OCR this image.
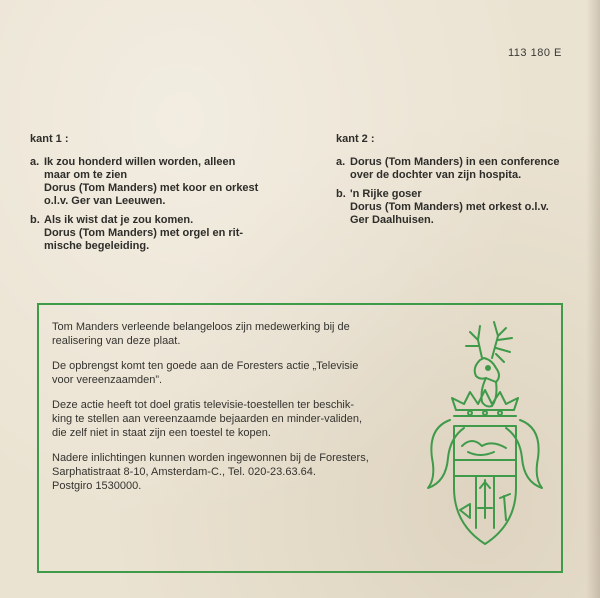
113 180 E
kant 1 :
a. Ik zou honderd willen worden, alleen
maar om te zien
Dorus (Tom Manders) met koor en orkest
o.l.v. Ger van Leeuwen.
b. Als ik wist dat je zou komen.
Dorus (Tom Manders) met orgel en rit-
mische begeleiding.
kant 2 :
a. Dorus (Tom Manders) in een conference
over de dochter van zijn hospita.
b. 'n Rijke goser
Dorus (Tom Manders) met orkest o.l.v.
Ger Daalhuisen.

Tom Manders verleende belangeloos zijn medewerking bij de
realisering van deze plaat.

De opbrengst komt ten goede aan de Foresters actie „Televisie
voor vereenzaamden”.

Deze actie heeft tot doel gratis televisie-toestellen ter beschik-
king te stellen aan vereenzaamde bejaarden en minder-validen,
die zelf niet in staat zijn een toestel te kopen.

Nadere inlichtingen kunnen worden ingewonnen bij de Foresters,
Sarphatistraat 8-10, Amsterdam-C., Tel. 020-23.63.64.
Postgiro 1530000.
